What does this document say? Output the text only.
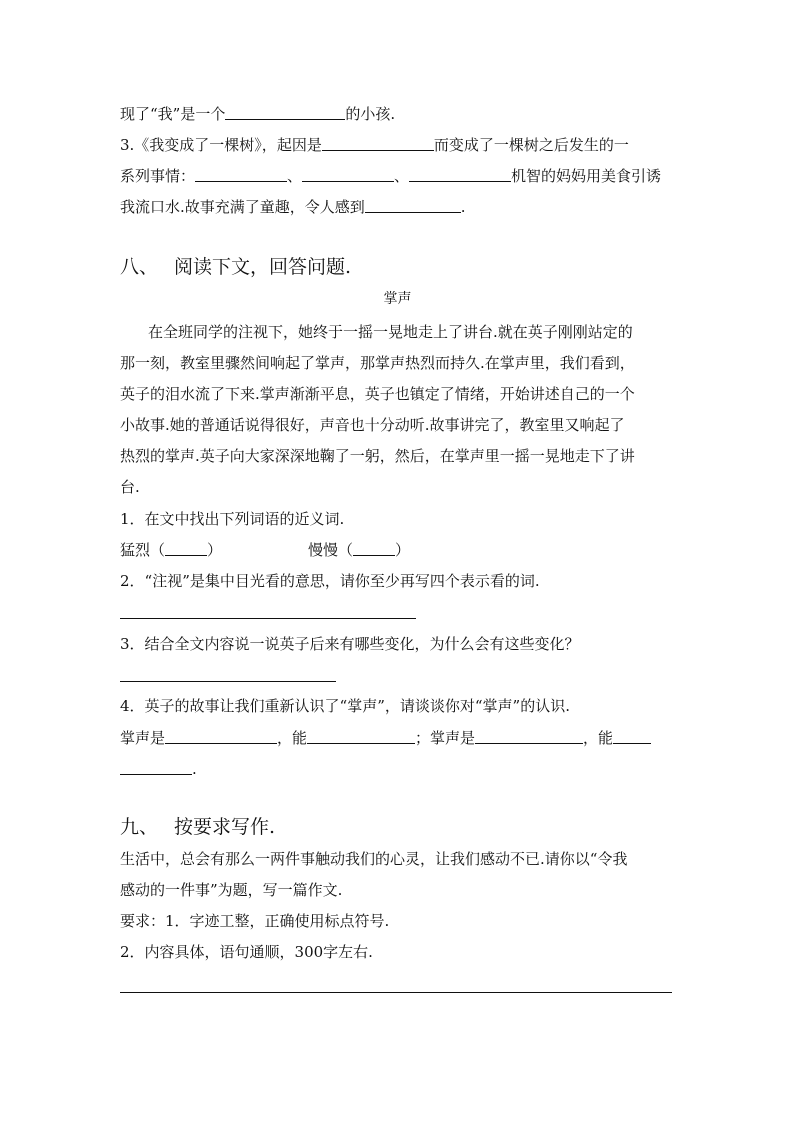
现了“我”是一个	的小孩.
3.《我变成了一棵树》，起因是	而变成了一棵树之后发生的一
系列事情：	、	、	机智的妈妈用美食引诱
我流口水.故事充满了童趣，令人感到	.
八、 阅读下文，回答问题.
掌声
在全班同学的注视下，她终于一摇一晃地走上了讲台.就在英子刚刚站定的
那一刻，教室里骤然间响起了掌声，那掌声热烈而持久.在掌声里，我们看到，
英子的泪水流了下来.掌声渐渐平息，英子也镇定了情绪，开始讲述自己的一个
小故事.她的普通话说得很好，声音也十分动听.故事讲完了，教室里又响起了
热烈的掌声.英子向大家深深地鞠了一躬，然后，在掌声里一摇一晃地走下了讲
台.
1．在文中找出下列词语的近义词.
猛烈（	）	慢慢（	）
2．“注视”是集中目光看的意思，请你至少再写四个表示看的词.
3．结合全文内容说一说英子后来有哪些变化，为什么会有这些变化？
4．英子的故事让我们重新认识了“掌声”，请谈谈你对“掌声”的认识.
掌声是	，能	；掌声是	，能
.
九、 按要求写作.
生活中，总会有那么一两件事触动我们的心灵，让我们感动不已.请你以“令我
感动的一件事”为题，写一篇作文.
要求：1．字迹工整，正确使用标点符号.
2．内容具体，语句通顺，300字左右.
